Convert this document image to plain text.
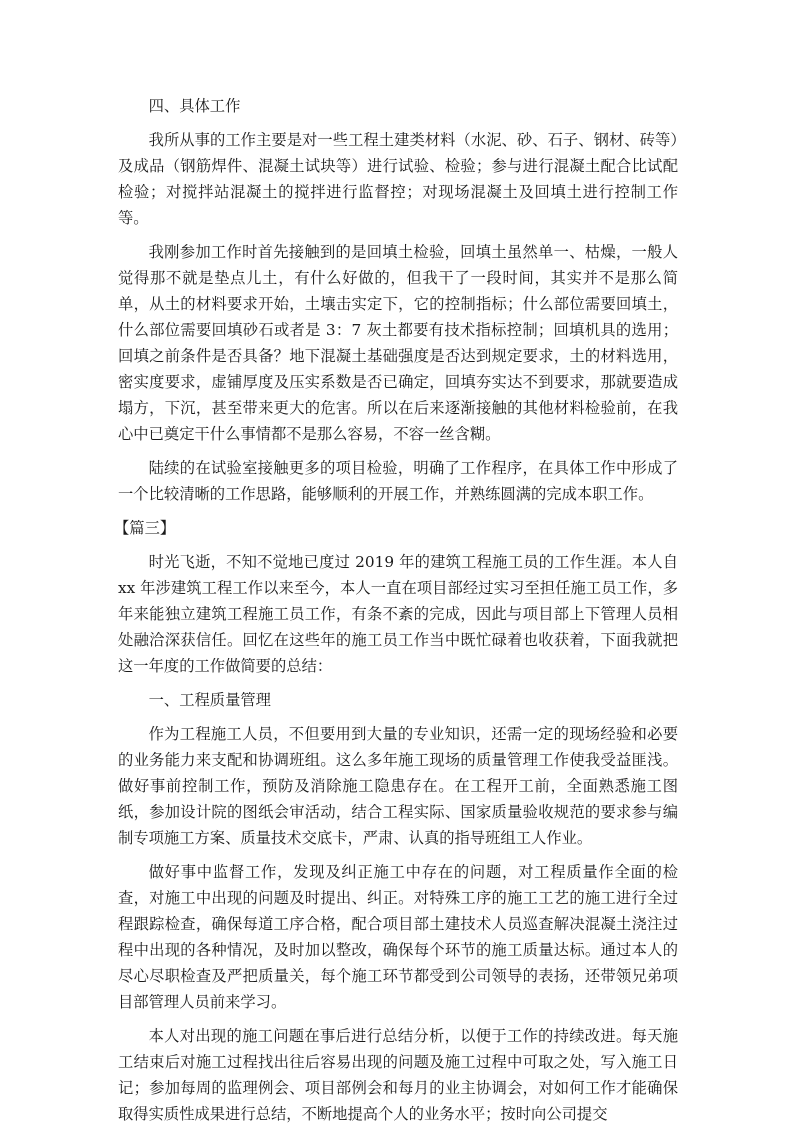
四、具体工作

我所从事的工作主要是对一些工程土建类材料（水泥、砂、石子、钢材、砖等）及成品（钢筋焊件、混凝土试块等）进行试验、检验；参与进行混凝土配合比试配检验；对搅拌站混凝土的搅拌进行监督控；对现场混凝土及回填土进行控制工作等。

我刚参加工作时首先接触到的是回填土检验，回填土虽然单一、枯燥，一般人觉得那不就是垫点儿土，有什么好做的，但我干了一段时间，其实并不是那么简单，从土的材料要求开始，土壤击实定下，它的控制指标；什么部位需要回填土，什么部位需要回填砂石或者是 3：7 灰土都要有技术指标控制；回填机具的选用；回填之前条件是否具备？地下混凝土基础强度是否达到规定要求，土的材料选用，密实度要求，虚铺厚度及压实系数是否已确定，回填夯实达不到要求，那就要造成塌方，下沉，甚至带来更大的危害。所以在后来逐渐接触的其他材料检验前，在我心中已奠定干什么事情都不是那么容易，不容一丝含糊。

陆续的在试验室接触更多的项目检验，明确了工作程序，在具体工作中形成了一个比较清晰的工作思路，能够顺利的开展工作，并熟练圆满的完成本职工作。

【篇三】

时光飞逝，不知不觉地已度过 2019 年的建筑工程施工员的工作生涯。本人自 xx 年涉建筑工程工作以来至今，本人一直在项目部经过实习至担任施工员工作，多年来能独立建筑工程施工员工作，有条不紊的完成，因此与项目部上下管理人员相处融洽深获信任。回忆在这些年的施工员工作当中既忙碌着也收获着，下面我就把这一年度的工作做简要的总结：

一、工程质量管理

作为工程施工人员，不但要用到大量的专业知识，还需一定的现场经验和必要的业务能力来支配和协调班组。这么多年施工现场的质量管理工作使我受益匪浅。做好事前控制工作，预防及消除施工隐患存在。在工程开工前，全面熟悉施工图纸，参加设计院的图纸会审活动，结合工程实际、国家质量验收规范的要求参与编制专项施工方案、质量技术交底卡，严肃、认真的指导班组工人作业。

做好事中监督工作，发现及纠正施工中存在的问题，对工程质量作全面的检查，对施工中出现的问题及时提出、纠正。对特殊工序的施工工艺的施工进行全过程跟踪检查，确保每道工序合格，配合项目部土建技术人员巡查解决混凝土浇注过程中出现的各种情况，及时加以整改，确保每个环节的施工质量达标。通过本人的尽心尽职检查及严把质量关，每个施工环节都受到公司领导的表扬，还带领兄弟项目部管理人员前来学习。

本人对出现的施工问题在事后进行总结分析，以便于工作的持续改进。每天施工结束后对施工过程找出往后容易出现的问题及施工过程中可取之处，写入施工日记；参加每周的监理例会、项目部例会和每月的业主协调会，对如何工作才能确保取得实质性成果进行总结，不断地提高个人的业务水平；按时向公司提交
